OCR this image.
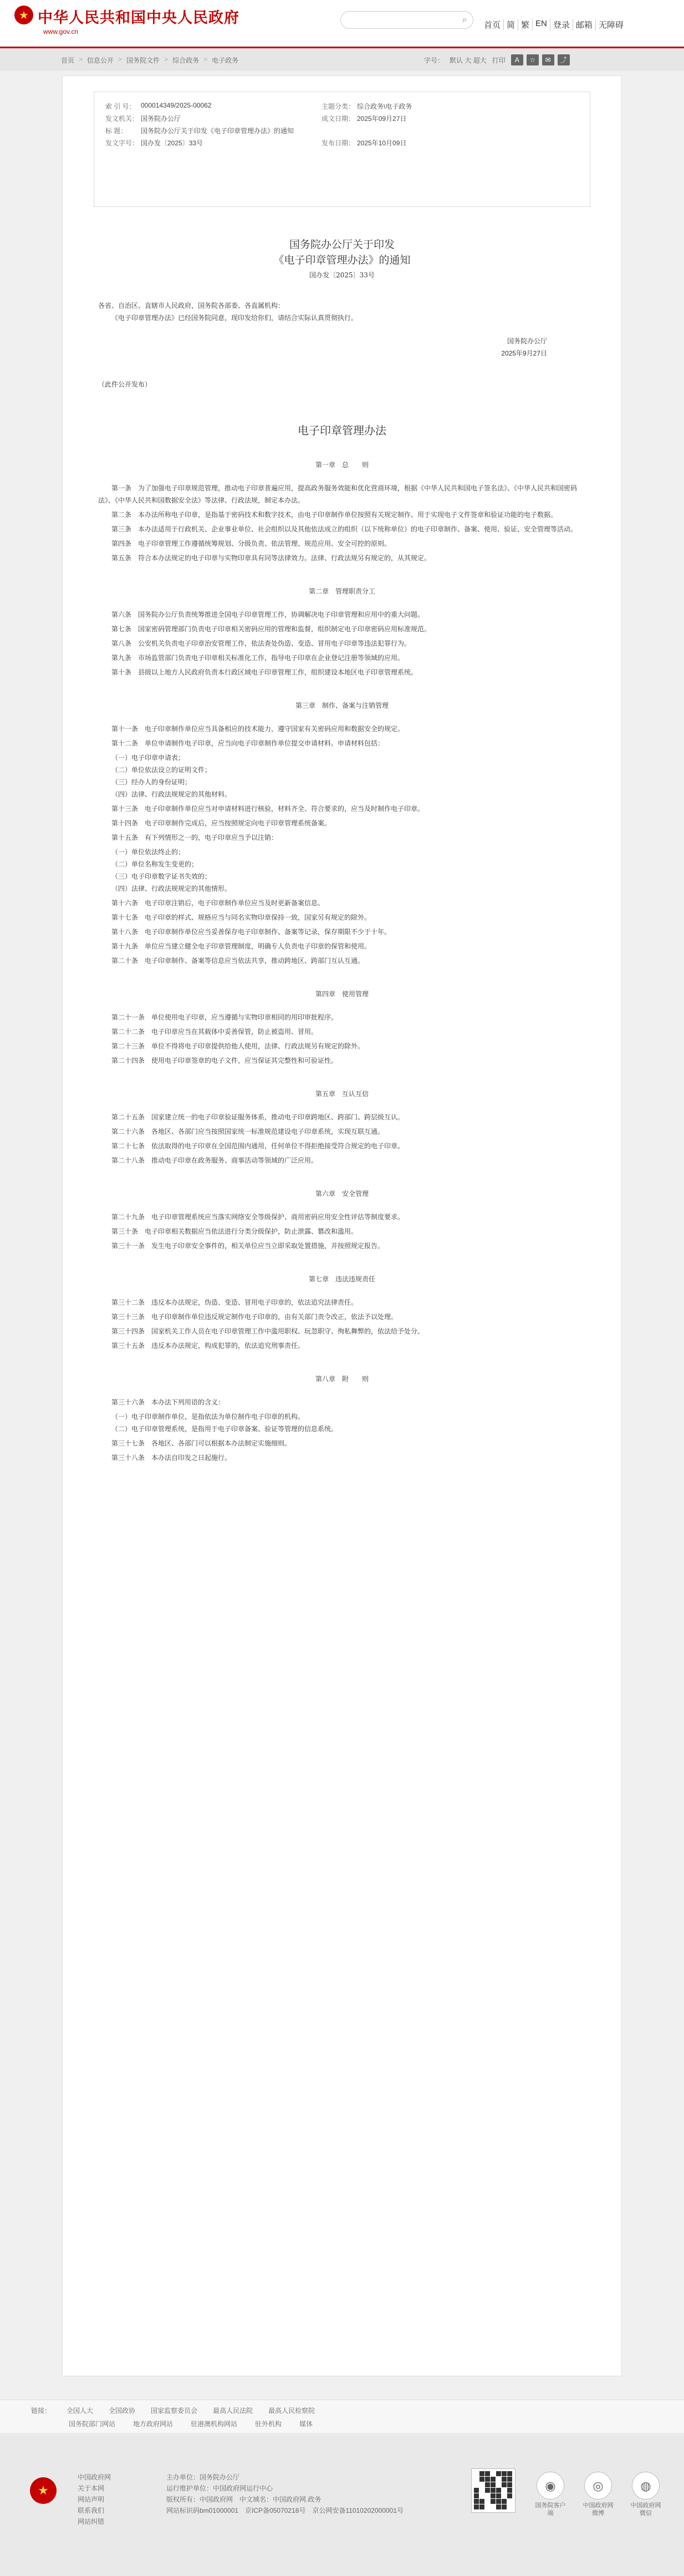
★ 中华人民共和国中央人民政府
www.gov.cn
⌕
首页 简 繁 EN 登录 邮箱 无障碍
首页 > 信息公开 > 国务院文件 > 综合政务 > 电子政务	字号： 默认 大 超大 打印	A	☆	✉	⤴
索 引 号： 000014349/2025-00062	主题分类： 综合政务\电子政务
发文机关： 国务院办公厅	成文日期： 2025年09月27日
标 题：	国务院办公厅关于印发《电子印章管理办法》的通知
发文字号： 国办发〔2025〕33号	发布日期： 2025年10月09日
国务院办公厅关于印发
《电子印章管理办法》的通知
国办发〔2025〕33号
各省、自治区、直辖市人民政府，国务院各部委、各直属机构：

《电子印章管理办法》已经国务院同意，现印发给你们，请结合实际认真贯彻执行。

国务院办公厅
2025年9月27日
（此件公开发布）
电子印章管理办法
第一章　总　　则

第一条　为了加强电子印章规范管理，推动电子印章普遍应用，提高政务服务效能和优化营商环境，根据《中华人民共和国电子签名法》、《中华人民共和国密码法》、《中华人民共和国数据安全法》等法律、行政法规，制定本办法。

第二条　本办法所称电子印章，是指基于密码技术和数字技术，由电子印章制作单位按照有关规定制作、用于实现电子文件签章和验证功能的电子数据。

第三条　本办法适用于行政机关、企业事业单位、社会组织以及其他依法成立的组织（以下统称单位）的电子印章制作、备案、使用、验证、安全管理等活动。

第四条　电子印章管理工作遵循统筹规划、分级负责、依法管理、规范应用、安全可控的原则。

第五条　符合本办法规定的电子印章与实物印章具有同等法律效力。法律、行政法规另有规定的，从其规定。

第二章　管理职责分工

第六条　国务院办公厅负责统筹推进全国电子印章管理工作，协调解决电子印章管理和应用中的重大问题。

第七条　国家密码管理部门负责电子印章相关密码应用的管理和监督，组织制定电子印章密码应用标准规范。

第八条　公安机关负责电子印章治安管理工作，依法查处伪造、变造、冒用电子印章等违法犯罪行为。

第九条　市场监管部门负责电子印章相关标准化工作，指导电子印章在企业登记注册等领域的应用。

第十条　县级以上地方人民政府负责本行政区域电子印章管理工作，组织建设本地区电子印章管理系统。

第三章　制作、备案与注销管理

第十一条　电子印章制作单位应当具备相应的技术能力，遵守国家有关密码应用和数据安全的规定。

第十二条　单位申请制作电子印章，应当向电子印章制作单位提交申请材料。申请材料包括：

（一）电子印章申请表；

（二）单位依法设立的证明文件；

（三）经办人的身份证明；

（四）法律、行政法规规定的其他材料。

第十三条　电子印章制作单位应当对申请材料进行核验，材料齐全、符合要求的，应当及时制作电子印章。

第十四条　电子印章制作完成后，应当按照规定向电子印章管理系统备案。

第十五条　有下列情形之一的，电子印章应当予以注销：

（一）单位依法终止的；

（二）单位名称发生变更的；

（三）电子印章数字证书失效的；

（四）法律、行政法规规定的其他情形。

第十六条　电子印章注销后，电子印章制作单位应当及时更新备案信息。

第十七条　电子印章的样式、规格应当与同名实物印章保持一致，国家另有规定的除外。

第十八条　电子印章制作单位应当妥善保存电子印章制作、备案等记录，保存期限不少于十年。

第十九条　单位应当建立健全电子印章管理制度，明确专人负责电子印章的保管和使用。

第二十条　电子印章制作、备案等信息应当依法共享，推动跨地区、跨部门互认互通。

第四章　使用管理

第二十一条　单位使用电子印章，应当遵循与实物印章相同的用印审批程序。

第二十二条　电子印章应当在其载体中妥善保管，防止被盗用、冒用。

第二十三条　单位不得将电子印章提供给他人使用，法律、行政法规另有规定的除外。

第二十四条　使用电子印章签章的电子文件，应当保证其完整性和可验证性。

第五章　互认互信

第二十五条　国家建立统一的电子印章验证服务体系，推动电子印章跨地区、跨部门、跨层级互认。

第二十六条　各地区、各部门应当按照国家统一标准规范建设电子印章系统，实现互联互通。

第二十七条　依法取得的电子印章在全国范围内通用，任何单位不得拒绝接受符合规定的电子印章。

第二十八条　推动电子印章在政务服务、商事活动等领域的广泛应用。

第六章　安全管理

第二十九条　电子印章管理系统应当落实网络安全等级保护、商用密码应用安全性评估等制度要求。

第三十条　电子印章相关数据应当依法进行分类分级保护，防止泄露、篡改和滥用。

第三十一条　发生电子印章安全事件的，相关单位应当立即采取处置措施，并按照规定报告。

第七章　违法违规责任

第三十二条　违反本办法规定，伪造、变造、冒用电子印章的，依法追究法律责任。

第三十三条　电子印章制作单位违反规定制作电子印章的，由有关部门责令改正，依法予以处理。

第三十四条　国家机关工作人员在电子印章管理工作中滥用职权、玩忽职守、徇私舞弊的，依法给予处分。

第三十五条　违反本办法规定，构成犯罪的，依法追究刑事责任。

第八章　附　　则

第三十六条　本办法下列用语的含义：

（一）电子印章制作单位，是指依法为单位制作电子印章的机构。

（二）电子印章管理系统，是指用于电子印章备案、验证等管理的信息系统。

第三十七条　各地区、各部门可以根据本办法制定实施细则。

第三十八条　本办法自印发之日起施行。

链接： 全国人大 全国政协 国家监察委员会 最高人民法院 最高人民检察院
国务院部门网站	地方政府网站	驻港澳机构网站	驻外机构	媒体
★
中国政府网
关于本网
网站声明
联系我们
网站纠错
主办单位：国务院办公厅
运行维护单位：中国政府网运行中心
版权所有：中国政府网　中文域名：中国政府网.政务
网站标识码bm01000001　京ICP备05070218号　京公网安备11010202000001号
◉
国务院客户端
◎
中国政府网微博
◍
中国政府网微信
